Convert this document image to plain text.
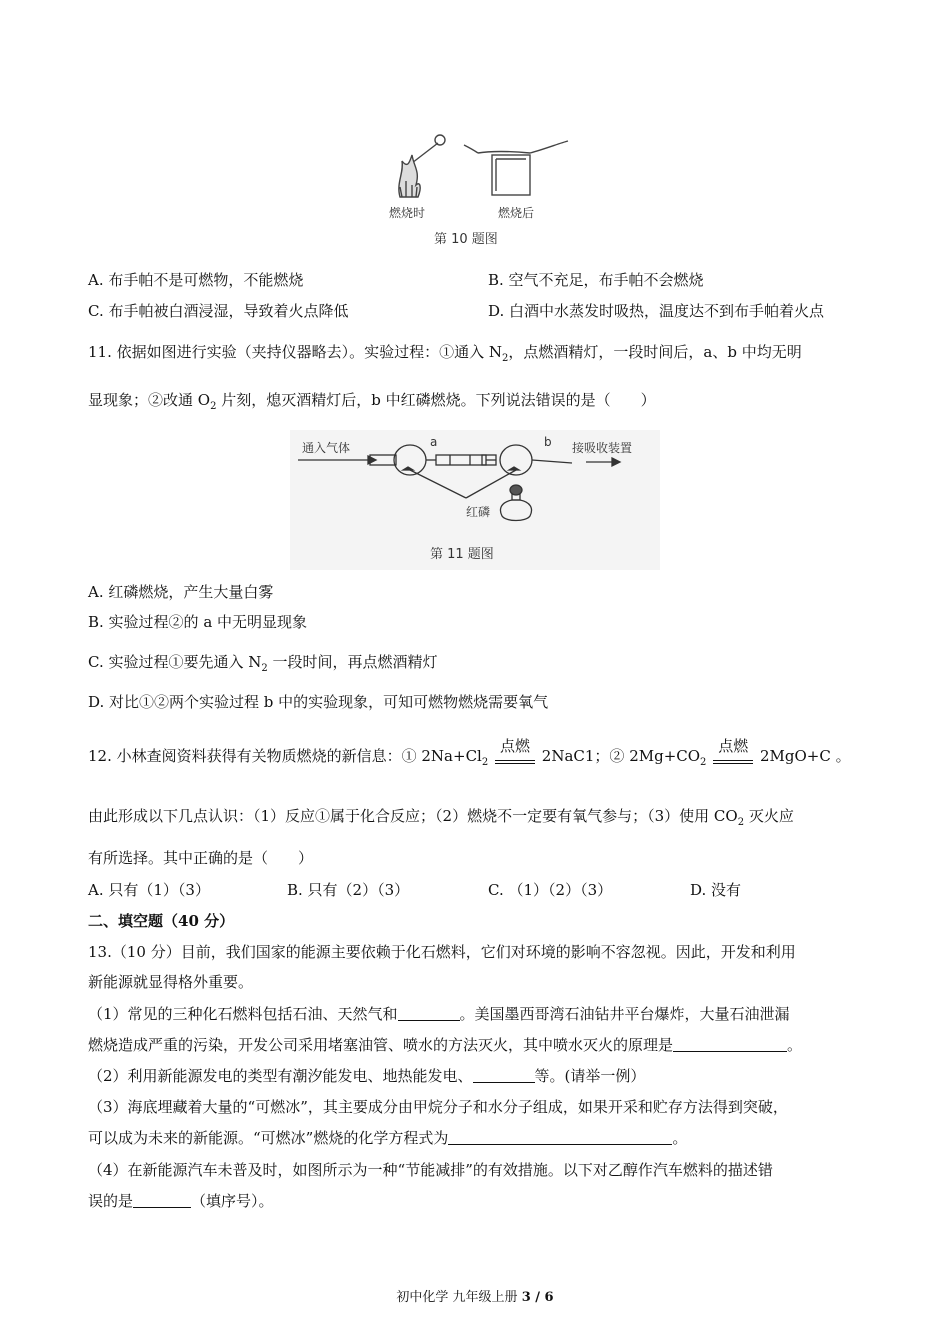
燃烧时	燃烧后
第 10 题图
A. 布手帕不是可燃物，不能燃烧	B. 空气不充足，布手帕不会燃烧
C. 布手帕被白酒浸湿，导致着火点降低	D. 白酒中水蒸发时吸热，温度达不到布手帕着火点
11. 依据如图进行实验（夹持仪器略去）。实验过程：①通入 $N_2$，点燃酒精灯，一段时间后，a、b 中均无明
显现象；②改通 $O_2$ 片刻，熄灭酒精灯后，b 中红磷燃烧。下列说法错误的是（　　）
通入气体	a	b 接吸收装置
红磷
第 11 题图
A. 红磷燃烧，产生大量白雾
B. 实验过程②的 a 中无明显现象
C. 实验过程①要先通入 $N_2$ 一段时间，再点燃酒精灯
D. 对比①②两个实验过程 b 中的实验现象，可知可燃物燃烧需要氧气
12. 小林查阅资料获得有关物质燃烧的新信息：① $2Na+Cl_2$
点燃
2NaC1；② $2Mg+CO_2$
点燃
2MgO+C 。
由此形成以下几点认识：（1）反应①属于化合反应；（2）燃烧不一定要有氧气参与；（3）使用 $CO_2$ 灭火应
有所选择。其中正确的是（　　）
A. 只有（1）（3）	B. 只有（2）（3）	C. （1）（2）（3）	D. 没有
二、填空题（40 分）
13.（10 分）目前，我们国家的能源主要依赖于化石燃料，它们对环境的影响不容忽视。因此，开发和利用
新能源就显得格外重要。
（1）常见的三种化石燃料包括石油、天然气和	。美国墨西哥湾石油钻井平台爆炸，大量石油泄漏
燃烧造成严重的污染，开发公司采用堵塞油管、喷水的方法灭火，其中喷水灭火的原理是	。
（2）利用新能源发电的类型有潮汐能发电、地热能发电、	等。(请举一例）
（3）海底埋藏着大量的“可燃冰”，其主要成分由甲烷分子和水分子组成，如果开采和贮存方法得到突破，
可以成为未来的新能源。“可燃冰”燃烧的化学方程式为	。
（4）在新能源汽车未普及时，如图所示为一种“节能减排”的有效措施。以下对乙醇作汽车燃料的描述错
误的是	（填序号）。
初中化学 九年级上册 3 / 6
